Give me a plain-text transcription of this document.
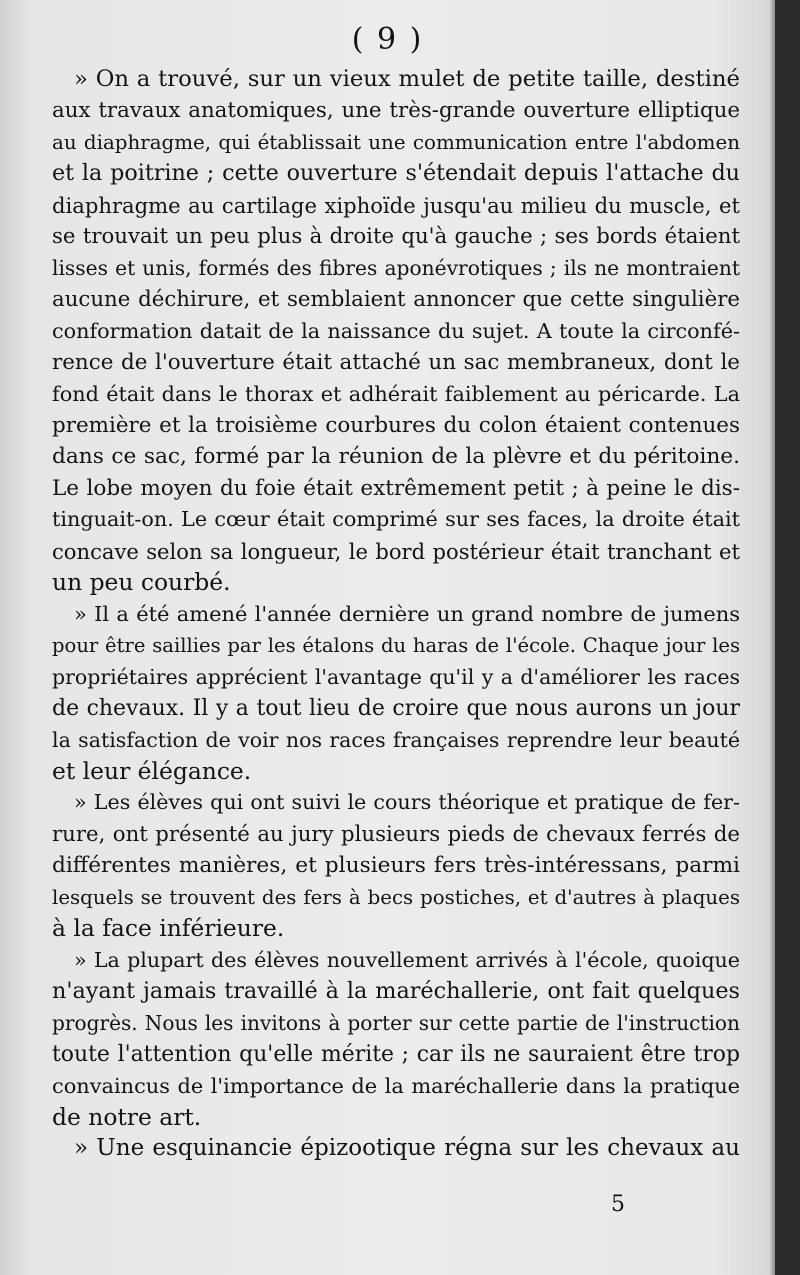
( 9 )
» On a trouvé, sur un vieux mulet de petite taille, destiné
aux travaux anatomiques, une très-grande ouverture elliptique
au diaphragme, qui établissait une communication entre l'abdomen
et la poitrine ; cette ouverture s'étendait depuis l'attache du
diaphragme au cartilage xiphoïde jusqu'au milieu du muscle, et
se trouvait un peu plus à droite qu'à gauche ; ses bords étaient
lisses et unis, formés des fibres aponévrotiques ; ils ne montraient
aucune déchirure, et semblaient annoncer que cette singulière
conformation datait de la naissance du sujet. A toute la circonfé-
rence de l'ouverture était attaché un sac membraneux, dont le
fond était dans le thorax et adhérait faiblement au péricarde. La
première et la troisième courbures du colon étaient contenues
dans ce sac, formé par la réunion de la plèvre et du péritoine.
Le lobe moyen du foie était extrêmement petit ; à peine le dis-
tinguait-on. Le cœur était comprimé sur ses faces, la droite était
concave selon sa longueur, le bord postérieur était tranchant et
un peu courbé.
» Il a été amené l'année dernière un grand nombre de jumens
pour être saillies par les étalons du haras de l'école. Chaque jour les
propriétaires apprécient l'avantage qu'il y a d'améliorer les races
de chevaux. Il y a tout lieu de croire que nous aurons un jour
la satisfaction de voir nos races françaises reprendre leur beauté
et leur élégance.
» Les élèves qui ont suivi le cours théorique et pratique de fer-
rure, ont présenté au jury plusieurs pieds de chevaux ferrés de
différentes manières, et plusieurs fers très-intéressans, parmi
lesquels se trouvent des fers à becs postiches, et d'autres à plaques
à la face inférieure.
» La plupart des élèves nouvellement arrivés à l'école, quoique
n'ayant jamais travaillé à la maréchallerie, ont fait quelques
progrès. Nous les invitons à porter sur cette partie de l'instruction
toute l'attention qu'elle mérite ; car ils ne sauraient être trop
convaincus de l'importance de la maréchallerie dans la pratique
de notre art.
» Une esquinancie épizootique régna sur les chevaux au
5
